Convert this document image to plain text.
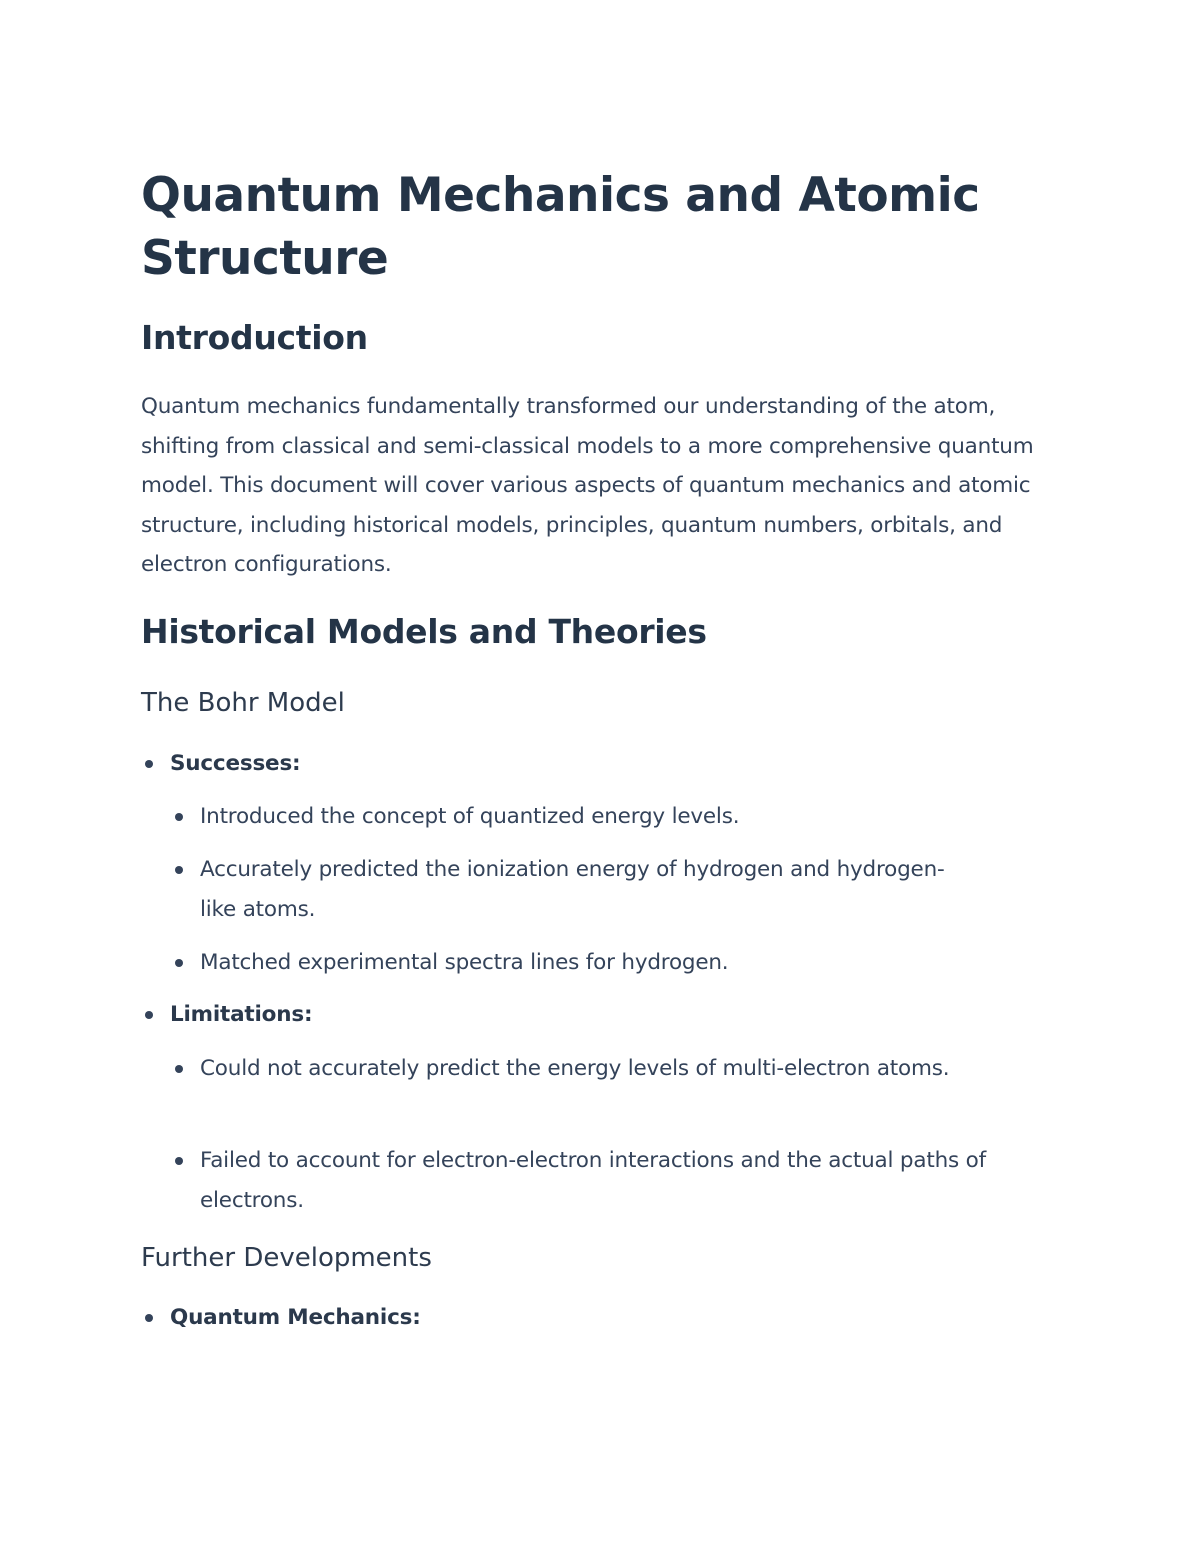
Quantum Mechanics and Atomic Structure
Introduction

Quantum mechanics fundamentally transformed our understanding of the atom, shifting from classical and semi-classical models to a more comprehensive quantum model. This document will cover various aspects of quantum mechanics and atomic structure, including historical models, principles, quantum numbers, orbitals, and electron configurations.

Historical Models and Theories
The Bohr Model
Successes:
Introduced the concept of quantized energy levels.
Accurately predicted the ionization energy of hydrogen and hydrogen-like atoms.
Matched experimental spectra lines for hydrogen.
Limitations:
Could not accurately predict the energy levels of multi-electron atoms.
Failed to account for electron-electron interactions and the actual paths of electrons.
Further Developments
Quantum Mechanics:
